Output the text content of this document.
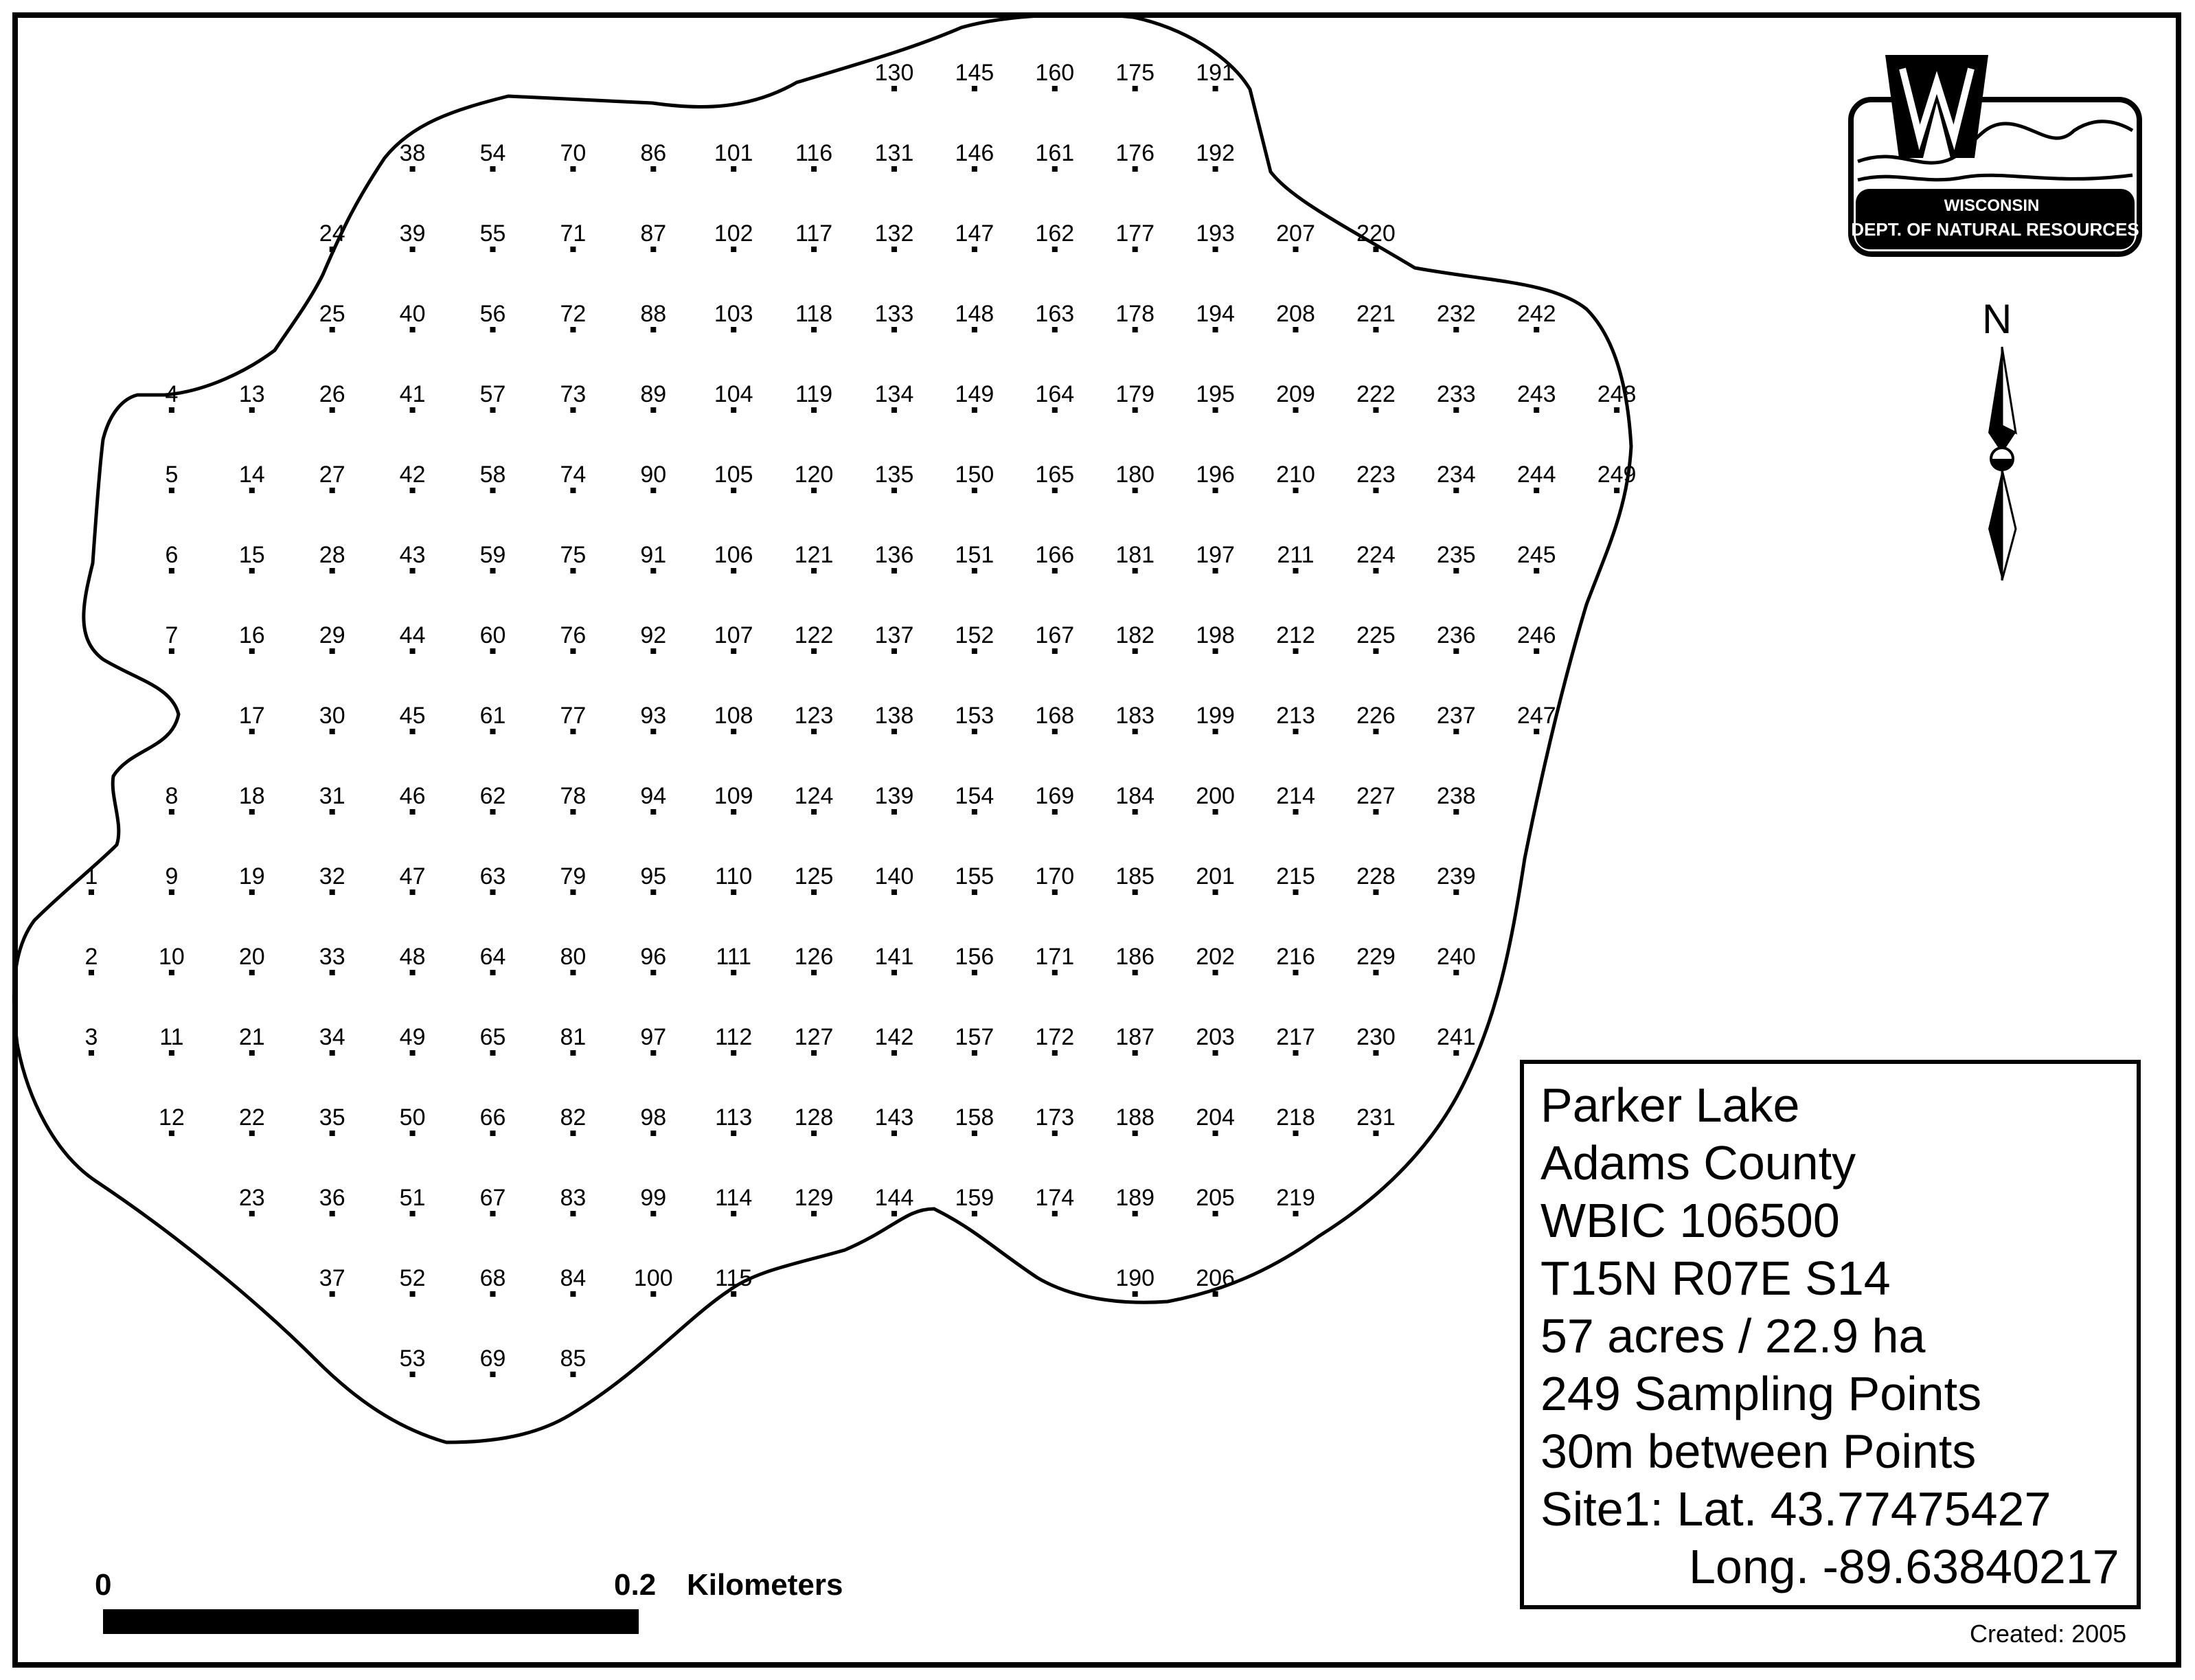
1
2
3
4
5
6
7
8
9
10
11
12
13
14
15
16
17
18
19
20
21
22
23
24
25
26
27
28
29
30
31
32
33
34
35
36
37
38
39
40
41
42
43
44
45
46
47
48
49
50
51
52
53
54
55
56
57
58
59
60
61
62
63
64
65
66
67
68
69
70
71
72
73
74
75
76
77
78
79
80
81
82
83
84
85
86
87
88
89
90
91
92
93
94
95
96
97
98
99
100
101
102
103
104
105
106
107
108
109
110
111
112
113
114
115
116
117
118
119
120
121
122
123
124
125
126
127
128
129
130
131
132
133
134
135
136
137
138
139
140
141
142
143
144
145
146
147
148
149
150
151
152
153
154
155
156
157
158
159
160
161
162
163
164
165
166
167
168
169
170
171
172
173
174
175
176
177
178
179
180
181
182
183
184
185
186
187
188
189
190
191
192
193
194
195
196
197
198
199
200
201
202
203
204
205
206
207
208
209
210
211
212
213
214
215
216
217
218
219
220
221
222
223
224
225
226
227
228
229
230
231
232
233
234
235
236
237
238
239
240
241
242
243
244
245
246
247
248
249
WISCONSIN
DEPT. OF NATURAL RESOURCES
N
Parker Lake
Adams County
WBIC 106500
T15N R07E S14
57 acres / 22.9 ha
249 Sampling Points
30m between Points
Site1: Lat. 43.77475427
Long. -89.63840217
0	0.2 Kilometers
Created: 2005
